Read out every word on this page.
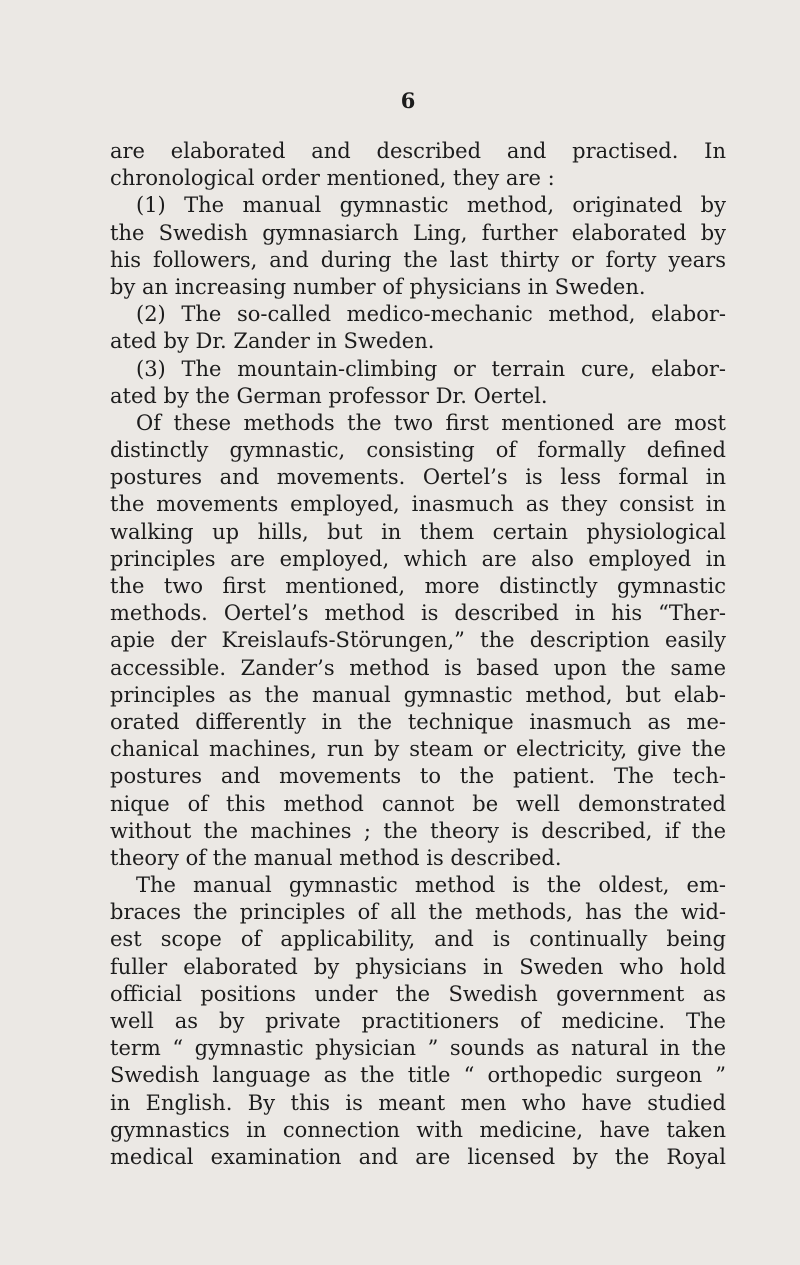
6
are elaborated and described and practised. In
chronological order mentioned, they are :
(1) The manual gymnastic method, originated by
the Swedish gymnasiarch Ling, further elaborated by
his followers, and during the last thirty or forty years
by an increasing number of physicians in Sweden.
(2) The so-called medico-mechanic method, elabor-
ated by Dr. Zander in Sweden.
(3) The mountain-climbing or terrain cure, elabor-
ated by the German professor Dr. Oertel.
Of these methods the two first mentioned are most
distinctly gymnastic, consisting of formally defined
postures and movements. Oertel’s is less formal in
the movements employed, inasmuch as they consist in
walking up hills, but in them certain physiological
principles are employed, which are also employed in
the two first mentioned, more distinctly gymnastic
methods. Oertel’s method is described in his “Ther-
apie der Kreislaufs-Störungen,” the description easily
accessible. Zander’s method is based upon the same
principles as the manual gymnastic method, but elab-
orated differently in the technique inasmuch as me-
chanical machines, run by steam or electricity, give the
postures and movements to the patient. The tech-
nique of this method cannot be well demonstrated
without the machines ; the theory is described, if the
theory of the manual method is described.
The manual gymnastic method is the oldest, em-
braces the principles of all the methods, has the wid-
est scope of applicability, and is continually being
fuller elaborated by physicians in Sweden who hold
official positions under the Swedish government as
well as by private practitioners of medicine. The
term “ gymnastic physician ” sounds as natural in the
Swedish language as the title “ orthopedic surgeon ”
in English. By this is meant men who have studied
gymnastics in connection with medicine, have taken
medical examination and are licensed by the Royal
